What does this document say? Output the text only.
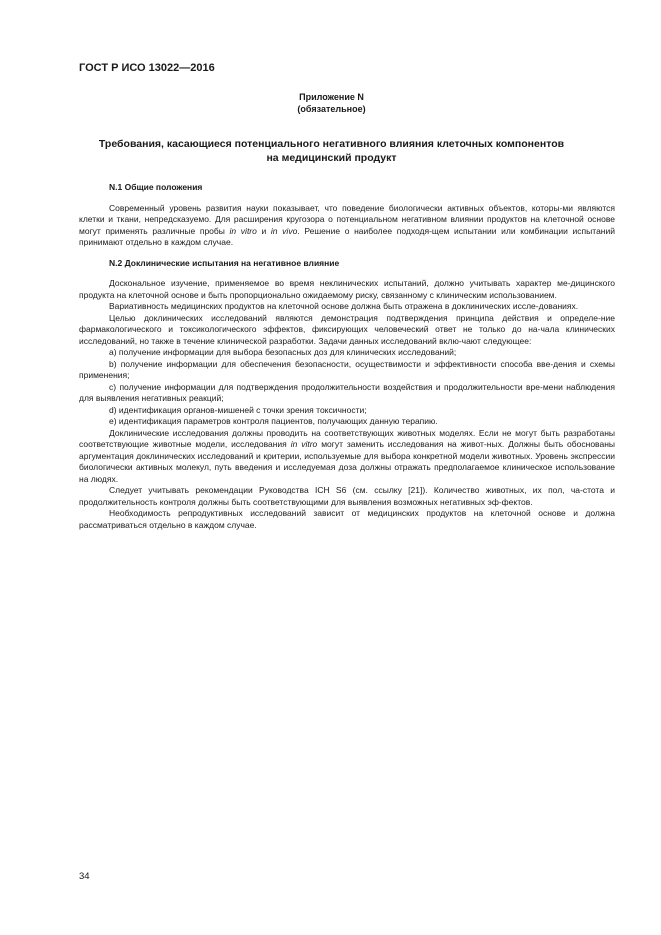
ГОСТ Р ИСО 13022—2016
Приложение N
(обязательное)
Требования, касающиеся потенциального негативного влияния клеточных компонентов
на медицинский продукт
N.1 Общие положения

Современный уровень развития науки показывает, что поведение биологически активных объектов, которы-ми являются клетки и ткани, непредсказуемо. Для расширения кругозора о потенциальном негативном влиянии продуктов на клеточной основе могут применять различные пробы in vitro и in vivo. Решение о наиболее подходя-щем испытании или комбинации испытаний принимают отдельно в каждом случае.

N.2 Доклинические испытания на негативное влияние

Доскональное изучение, применяемое во время неклинических испытаний, должно учитывать характер ме-дицинского продукта на клеточной основе и быть пропорционально ожидаемому риску, связанному с клиническим использованием.

Вариативность медицинских продуктов на клеточной основе должна быть отражена в доклинических иссле-дованиях.

Целью доклинических исследований являются демонстрация подтверждения принципа действия и определе-ние фармакологического и токсикологического эффектов, фиксирующих человеческий ответ не только до на-чала клинических исследований, но также в течение клинической разработки. Задачи данных исследований вклю-чают следующее:

a) получение информации для выбора безопасных доз для клинических исследований;

b) получение информации для обеспечения безопасности, осуществимости и эффективности способа вве-дения и схемы применения;

c) получение информации для подтверждения продолжительности воздействия и продолжительности вре-мени наблюдения для выявления негативных реакций;

d) идентификация органов-мишеней с точки зрения токсичности;

e) идентификация параметров контроля пациентов, получающих данную терапию.

Доклинические исследования должны проводить на соответствующих животных моделях. Если не могут быть разработаны соответствующие животные модели, исследования in vitro могут заменить исследования на живот-ных. Должны быть обоснованы аргументация доклинических исследований и критерии, используемые для выбора конкретной модели животных. Уровень экспрессии биологически активных молекул, путь введения и исследуемая доза должны отражать предполагаемое клиническое использование на людях.

Следует учитывать рекомендации Руководства ICH S6 (см. ссылку [21]). Количество животных, их пол, ча-стота и продолжительность контроля должны быть соответствующими для выявления возможных негативных эф-фектов.

Необходимость репродуктивных исследований зависит от медицинских продуктов на клеточной основе и должна рассматриваться отдельно в каждом случае.

34
